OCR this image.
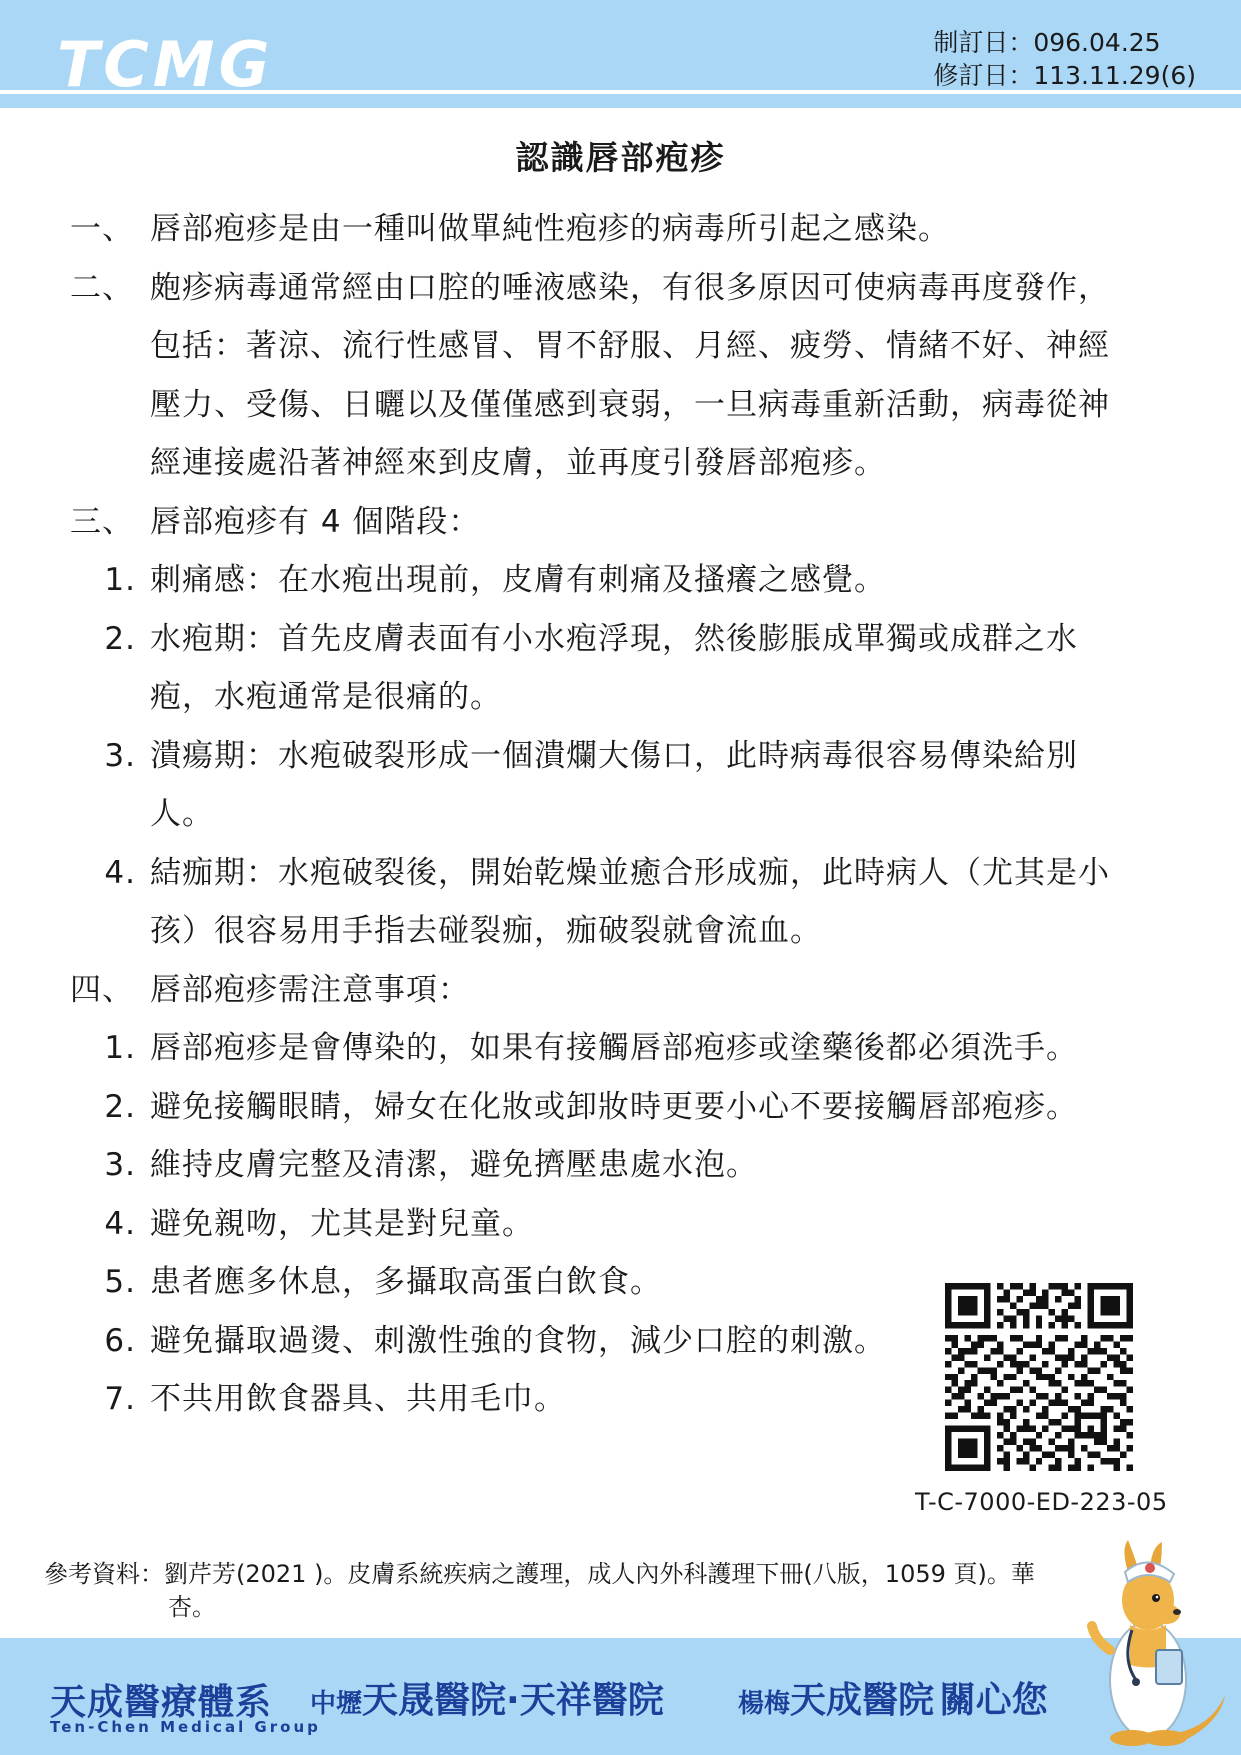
TCMG	制訂日：096.04.25
修訂日：113.11.29(6)
認識唇部疱疹
一、 唇部疱疹是由一種叫做單純性疱疹的病毒所引起之感染。
二、 皰疹病毒通常經由口腔的唾液感染，有很多原因可使病毒再度發作，
包括：著涼、流行性感冒、胃不舒服、月經、疲勞、情緒不好、神經
壓力、受傷、日曬以及僅僅感到衰弱，一旦病毒重新活動，病毒從神
經連接處沿著神經來到皮膚，並再度引發唇部疱疹。
三、 唇部疱疹有 4 個階段：
1. 刺痛感：在水疱出現前，皮膚有刺痛及搔癢之感覺。
2. 水疱期：首先皮膚表面有小水疱浮現，然後膨脹成單獨或成群之水
疱，水疱通常是很痛的。
3. 潰瘍期：水疱破裂形成一個潰爛大傷口，此時病毒很容易傳染給別
人。
4. 結痂期：水疱破裂後，開始乾燥並癒合形成痂，此時病人（尤其是小
孩）很容易用手指去碰裂痂，痂破裂就會流血。
四、 唇部疱疹需注意事項：
1. 唇部疱疹是會傳染的，如果有接觸唇部疱疹或塗藥後都必須洗手。
2. 避免接觸眼睛，婦女在化妝或卸妝時更要小心不要接觸唇部疱疹。
3. 維持皮膚完整及清潔，避免擠壓患處水泡。
4. 避免親吻，尤其是對兒童。
5. 患者應多休息，多攝取高蛋白飲食。
6. 避免攝取過燙、刺激性強的食物，減少口腔的刺激。
7. 不共用飲食器具、共用毛巾。
T-C-7000-ED-223-05
參考資料：劉芹芳(2021 )。皮膚系統疾病之護理，成人內外科護理下冊(八版，1059 頁)。華
杏。
天成醫療體系
Ten-Chen Medical Group
中壢天晟醫院·天祥醫院	楊梅天成醫院 關心您
